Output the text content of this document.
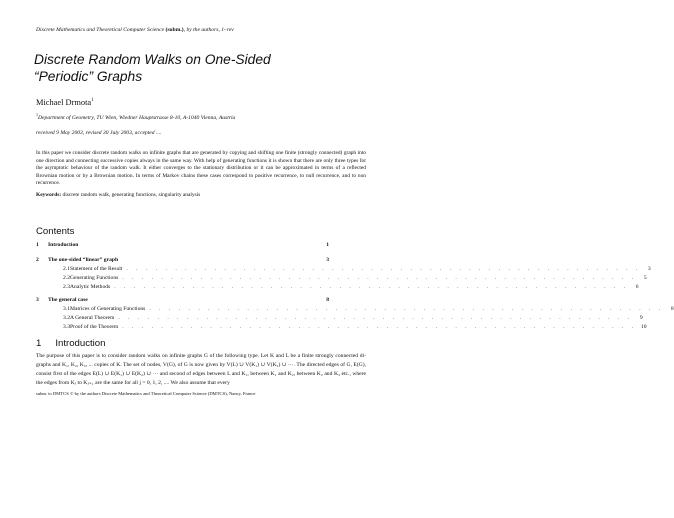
Discrete Mathematics and Theoretical Computer Science (subm.), by the authors, 1–rev
Discrete Random Walks on One-Sided
“Periodic” Graphs
Michael Drmota$^1$
$^1$Department of Geometry, TU Wien, Wiedner Hauptstrasse 8-10, A-1040 Vienna, Austria
received 9 May 2003, revised 30 July 2003, accepted ....
In this paper we consider discrete random walks on infinite graphs that are generated by copying and shifting one finite (strongly connected) graph into one direction and connecting successive copies always in the same way. With help of generating functions it is shown that there are only three types for the asymptotic behaviour of the random walk. It either converges to the stationary distribution or it can be approximated in terms of a reflected Brownian motion or by a Brownian motion. In terms of Markov chains these cases correspond to positive recurrence, to null recurrence, and to non recurrence.
Keywords: discrete random walk, generating functions, singularity analysis
Contents
1	Introduction	1
2	The one-sided “linear” graph	3
2.1 Statement of the Result . . . . . . . . . . . . . . . . . . . . . . . . . . . . . . . . . . . . . . . . . . . . . . . . . . . . .	3
2.2 Generating Functions . . . . . . . . . . . . . . . . . . . . . . . . . . . . . . . . . . . . . . . . . . . . . . . . . . . . .	5
2.3 Analytic Methods . . . . . . . . . . . . . . . . . . . . . . . . . . . . . . . . . . . . . . . . . . . . . . . . . . . . .	6
3	The general case	8
3.1 Matrices of Generating Functions . . . . . . . . . . . . . . . . . . . . . . . . . . . . . . . . . . . . . . . . . . . . . . . . . . . . .	8
3.2 A General Theorem . . . . . . . . . . . . . . . . . . . . . . . . . . . . . . . . . . . . . . . . . . . . . . . . . . . . .	9
3.3 Proof of the Theorem . . . . . . . . . . . . . . . . . . . . . . . . . . . . . . . . . . . . . . . . . . . . . . . . . . . . . 10
1 Introduction
The purpose of this paper is to consider random walks on infinite graphs G of the following type. Let K and L be a finite strongly connected di-graphs and K₁, K₂, K₃, ... copies of K. The set of nodes, V(G), of G is now given by V(L) ∪ V(K₁) ∪ V(K₂) ∪ ···. The directed edges of G, E(G), consist first of the edges E(L) ∪ E(K₁) ∪ E(K₂) ∪ ··· and second of edges between L and K₁, between K₁ and K₂, between K₂ and K₃ etc., where the edges from Kⱼ to Kⱼ₊₁ are the same for all j = 0, 1, 2, .... We also assume that every
subm. to DMTCS © by the authors Discrete Mathematics and Theoretical Computer Science (DMTCS), Nancy, France
